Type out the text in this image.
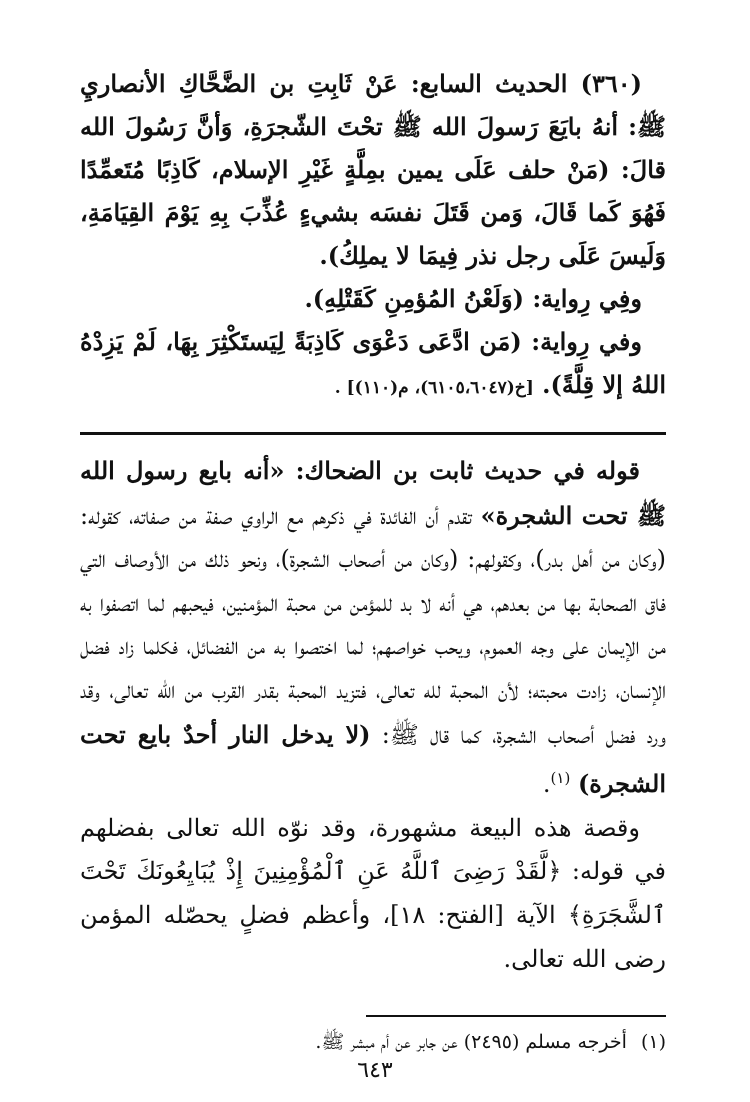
(٣٦٠) الحديث السابع: عَنْ ثَابِتِ بن الضَّحَّاكِ الأنصاريِ ﷺ: أنهُ بايَعَ رَسولَ الله ﷺ تحْتَ الشّجرَةِ، وَأنَّ رَسُولَ الله قالَ: (مَنْ حلف عَلَى يمين بمِلَّةٍ غَيْرِ الإسلام، كَاذِبًا مُتَعمِّدًا فَهُوَ كَما قَالَ، وَمن قَتَلَ نفسَه بشيءٍ عُذِّبَ بِهِ يَوْمَ القِيَامَةِ، وَلَيسَ عَلَى رجل نذر فِيمَا لا يملِكُ).

وفِي رِواية: (وَلَعْنُ المُؤمِنِ كَقَتْلِهِ).

وفي رِواية: (مَن ادَّعَى دَعْوَى كَاذِبَةً لِيَستَكْثِرَ بِهَا، لَمْ يَزِدْهُ اللهُ إلا قِلَّةً). [خ(٦١٠٥،٦٠٤٧)، م(١١٠)] .

قوله في حديث ثابت بن الضحاك: «أنه بايع رسول الله ﷺ تحت الشجرة» تقدم أن الفائدة في ذكرهم مع الراوي صفة من صفاته، كقوله: (وكان من أهل بدر)، وكقولهم: (وكان من أصحاب الشجرة)، ونحو ذلك من الأوصاف التي فاق الصحابة بها من بعدهم، هي أنه لا بد للمؤمن من محبة المؤمنين، فيحبهم لما اتصفوا به من الإيمان على وجه العموم، ويحب خواصهم؛ لما اختصوا به من الفضائل، فكلما زاد فضل الإنسان، زادت محبته؛ لأن المحبة لله تعالى، فتزيد المحبة بقدر القرب من الله تعالى، وقد ورد فضل أصحاب الشجرة، كما قال ﷺ: (لا يدخل النار أحدٌ بايع تحت الشجرة) $^{(١)}$.

وقصة هذه البيعة مشهورة، وقد نوّه الله تعالى بفضلهم في قوله: ﴿لَّقَدْ رَضِىَ ٱللَّهُ عَنِ ٱلْمُؤْمِنِينَ إِذْ يُبَايِعُونَكَ تَحْتَ ٱلشَّجَرَةِ﴾ الآية [الفتح: ١٨]، وأعظم فضلٍ يحصّله المؤمن رضى الله تعالى.

(١)أخرجه مسلم (٢٤٩٥) عن جابر عن أم مبشر ﷺ.
٦٤٣
